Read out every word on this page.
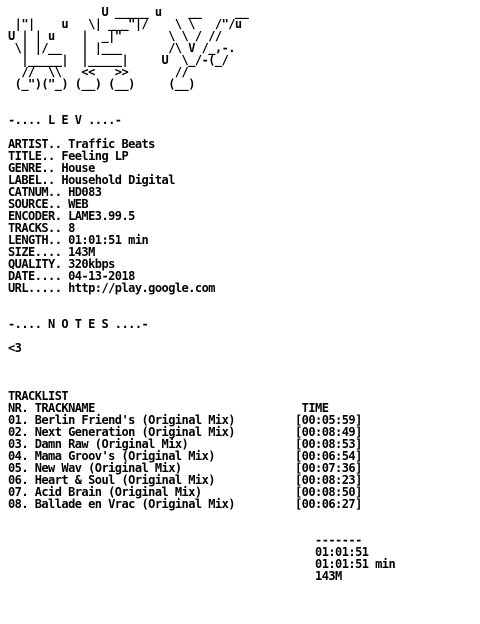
U _____ u    __     __
|"|    u   \| ___"|/    \ \   /"/u
U | | u    |  _|"       \ \ / //
\| |/__   | |___       /\ V /_,-.
|_____|  |_____|     U  \_/-(_/
//  \\   <<   >>       //
(_")("_) (__) (__)     (__)
-.... L E V ....-
ARTIST.. Traffic Beats
TITLE.. Feeling LP
GENRE.. House
LABEL.. Household Digital
CATNUM.. HD083
SOURCE.. WEB
ENCODER. LAME3.99.5
TRACKS.. 8
LENGTH.. 01:01:51 min
SIZE.... 143M
QUALITY. 320kbps
DATE.... 04-13-2018
URL..... http://play.google.com
-.... N O T E S ....-
<3
TRACKLIST
NR. TRACKNAME                               TIME
01. Berlin Friend's (Original Mix)         [00:05:59]
02. Next Generation (Original Mix)         [00:08:49]
03. Damn Raw (Original Mix)                [00:08:53]
04. Mama Groov's (Original Mix)            [00:06:54]
05. New Wav (Original Mix)                 [00:07:36]
06. Heart & Soul (Original Mix)            [00:08:23]
07. Acid Brain (Original Mix)              [00:08:50]
08. Ballade en Vrac (Original Mix)         [00:06:27]
-------
01:01:51
01:01:51 min
143M
